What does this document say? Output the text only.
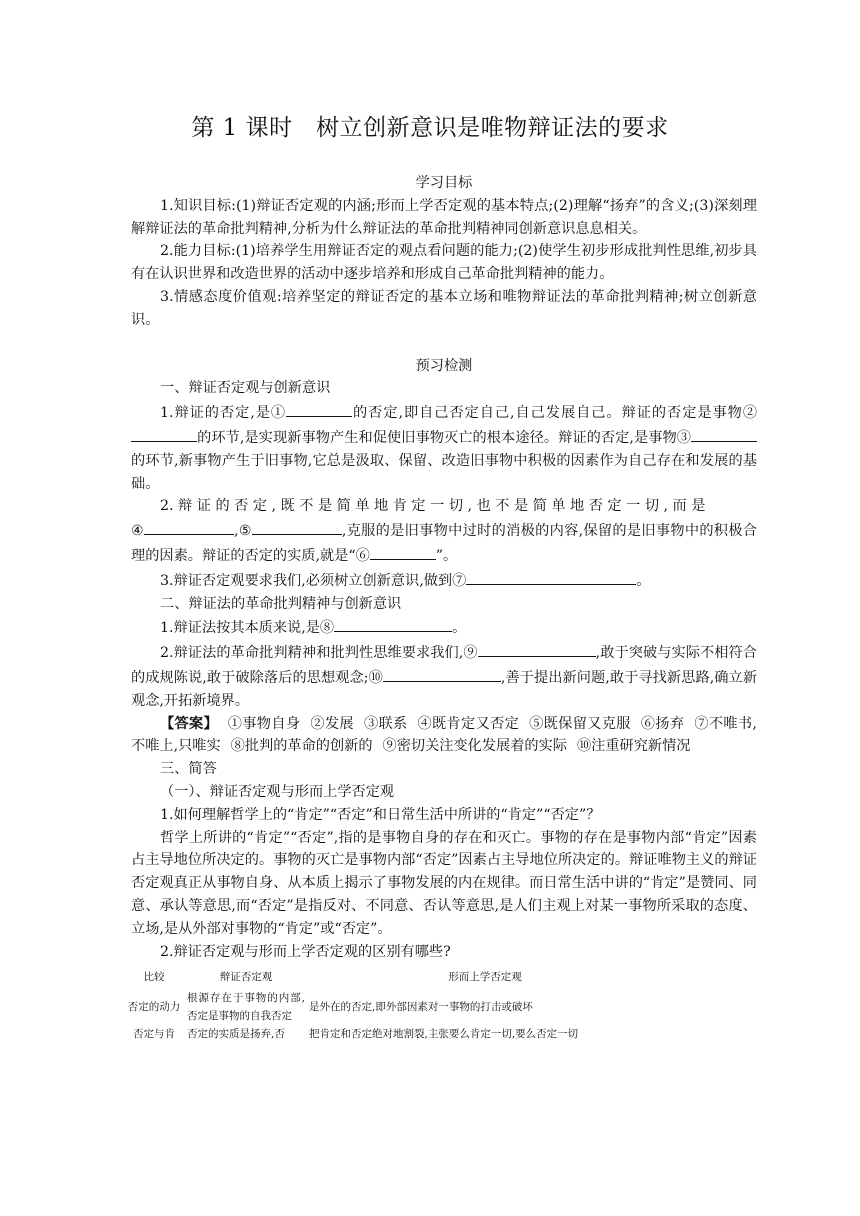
第 1 课时　树立创新意识是唯物辩证法的要求

学习目标

1.知识目标:(1)辩证否定观的内涵;形而上学否定观的基本特点;(2)理解“扬弃”的含义;(3)深刻理解辩证法的革命批判精神,分析为什么辩证法的革命批判精神同创新意识息息相关。

2.能力目标:(1)培养学生用辩证否定的观点看问题的能力;(2)使学生初步形成批判性思维,初步具有在认识世界和改造世界的活动中逐步培养和形成自己革命批判精神的能力。

3.情感态度价值观:培养坚定的辩证否定的基本立场和唯物辩证法的革命批判精神;树立创新意识。

预习检测

一、辩证否定观与创新意识

1.辩证的否定,是①	的否定,即自己否定自己,自己发展自己。辩证的否定是事物②的环节,是实现新事物产生和促使旧事物灭亡的根本途径。辩证的否定,是事物③的环节,新事物产生于旧事物,它总是汲取、保留、改造旧事物中积极的因素作为自己存在和发展的基础。

2. 辩 证 的 否 定 , 既 不 是 简 单 地 肯 定 一 切 , 也 不 是 简 单 地 否 定 一 切 , 而 是
④	,⑤	,克服的是旧事物中过时的消极的内容,保留的是旧事物中的积极合理的因素。辩证的否定的实质,就是“⑥	”。

3.辩证否定观要求我们,必须树立创新意识,做到⑦	。

二、辩证法的革命批判精神与创新意识

1.辩证法按其本质来说,是⑧	。

2.辩证法的革命批判精神和批判性思维要求我们,⑨	,敢于突破与实际不相符合的成规陈说,敢于破除落后的思想观念;⑩	,善于提出新问题,敢于寻找新思路,确立新观念,开拓新境界。

【答案】 ①事物自身 ②发展 ③联系 ④既肯定又否定 ⑤既保留又克服 ⑥扬弃 ⑦不唯书,不唯上,只唯实 ⑧批判的革命的创新的 ⑨密切关注变化发展着的实际 ⑩注重研究新情况

三、简答

（一）、辩证否定观与形而上学否定观

1.如何理解哲学上的“肯定”“否定”和日常生活中所讲的“肯定”“否定”？

哲学上所讲的“肯定”“否定”,指的是事物自身的存在和灭亡。事物的存在是事物内部“肯定”因素占主导地位所决定的。事物的灭亡是事物内部“否定”因素占主导地位所决定的。辩证唯物主义的辩证否定观真正从事物自身、从本质上揭示了事物发展的内在规律。而日常生活中讲的“肯定”是赞同、同意、承认等意思,而“否定”是指反对、不同意、否认等意思,是人们主观上对某一事物所采取的态度、立场,是从外部对事物的“肯定”或“否定”。

2.辩证否定观与形而上学否定观的区别有哪些?

比较	辩证否定观	形而上学否定观
否定的动力	根源存在于事物的内部,否定是事物的自我否定	是外在的否定,即外部因素对一事物的打击或破坏
否定与肯	否定的实质是扬弃,否	把肯定和否定绝对地割裂,主张要么肯定一切,要么否定一切
